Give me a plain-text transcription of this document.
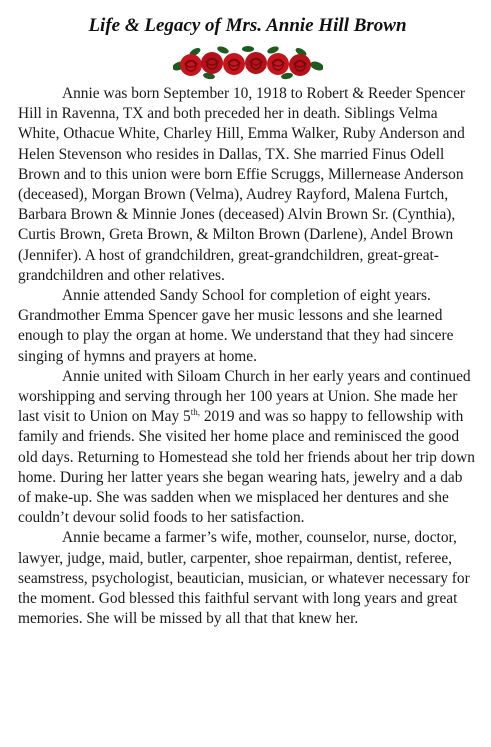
Life & Legacy of Mrs. Annie Hill Brown

Annie was born September 10, 1918 to Robert & Reeder Spencer Hill in Ravenna, TX and both preceded her in death. Siblings Velma White, Othacue White, Charley Hill, Emma Walker, Ruby Anderson and Helen Stevenson who resides in Dallas, TX. She married Finus Odell Brown and to this union were born Effie Scruggs, Millernease Anderson (deceased), Morgan Brown (Velma), Audrey Rayford, Malena Furtch, Barbara Brown & Minnie Jones (deceased) Alvin Brown Sr. (Cynthia), Curtis Brown, Greta Brown, & Milton Brown (Darlene), Andel Brown (Jennifer). A host of grandchildren, great-grandchildren, great-great-grandchildren and other relatives.

Annie attended Sandy School for completion of eight years. Grandmother Emma Spencer gave her music lessons and she learned enough to play the organ at home. We understand that they had sincere singing of hymns and prayers at home.

Annie united with Siloam Church in her early years and continued worshipping and serving through her 100 years at Union. She made her last visit to Union on May $5^{th,}$ 2019 and was so happy to fellowship with family and friends. She visited her home place and reminisced the good old days. Returning to Homestead she told her friends about her trip down home. During her latter years she began wearing hats, jewelry and a dab of make-up. She was sadden when we misplaced her dentures and she couldn’t devour solid foods to her satisfaction.

Annie became a farmer’s wife, mother, counselor, nurse, doctor, lawyer, judge, maid, butler, carpenter, shoe repairman, dentist, referee, seamstress, psychologist, beautician, musician, or whatever necessary for the moment. God blessed this faithful servant with long years and great memories. She will be missed by all that that knew her.
